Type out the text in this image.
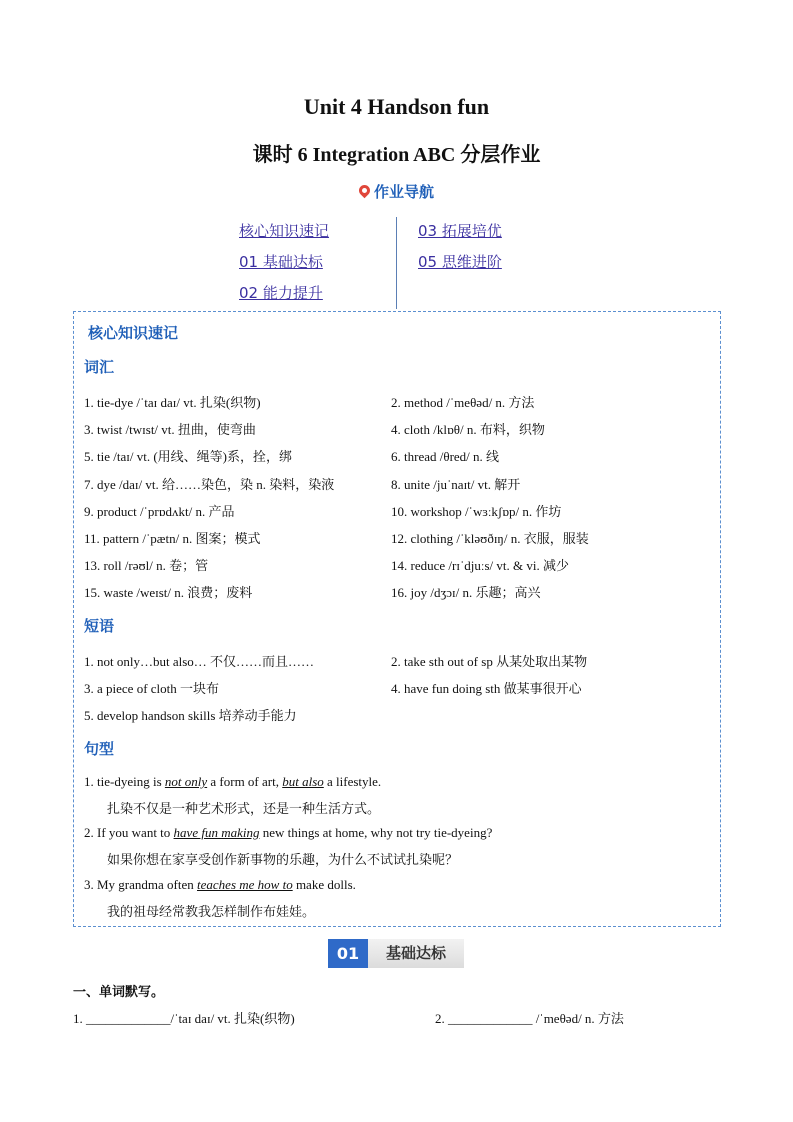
Unit 4 Handson fun
课时 6 Integration ABC 分层作业
作业导航
核心知识速记
01 基础达标
02 能力提升
03 拓展培优
05 思维进阶
核心知识速记
词汇
1. tie-dye /ˈtaɪ daɪ/ vt. 扎染(织物)	2. method /ˈmeθəd/ n. 方法
3. twist /twɪst/ vt. 扭曲，使弯曲	4. cloth /klɒθ/ n. 布料，织物
5. tie /taɪ/ vt. (用线、绳等)系，拴，绑	6. thread /θred/ n. 线
7. dye /daɪ/ vt. 给……染色，染 n. 染料，染液	8. unite /juˈnaɪt/ vt. 解开
9. product /ˈprɒdʌkt/ n. 产品	10. workshop /ˈwɜːkʃɒp/ n. 作坊
11. pattern /ˈpætn/ n. 图案；模式	12. clothing /ˈkləʊðɪŋ/ n. 衣服，服装
13. roll /rəʊl/ n. 卷；管	14. reduce /rɪˈdjuːs/ vt. & vi. 减少
15. waste /weɪst/ n. 浪费；废料	16. joy /dʒɔɪ/ n. 乐趣；高兴
短语
1. not only…but also… 不仅……而且……	2. take sth out of sp 从某处取出某物
3. a piece of cloth 一块布	4. have fun doing sth 做某事很开心
5. develop handson skills 培养动手能力
句型
1. tie-dyeing is not only a form of art, but also a lifestyle.
扎染不仅是一种艺术形式，还是一种生活方式。
2. If you want to have fun making new things at home, why not try tie-dyeing?
如果你想在家享受创作新事物的乐趣，为什么不试试扎染呢？
3. My grandma often teaches me how to make dolls.
我的祖母经常教我怎样制作布娃娃。
01	基础达标
一、单词默写。
1. _____________/ˈtaɪ daɪ/ vt. 扎染(织物)	2. _____________ /ˈmeθəd/ n. 方法
